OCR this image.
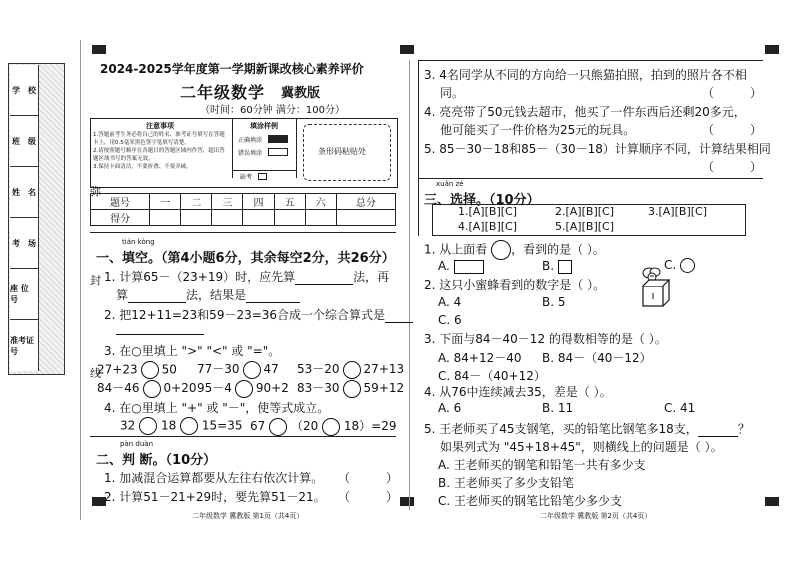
学　校
班　级
姓　名
考　场
座 位 号
准考证号
弥
封
线
2024-2025学年度第一学期新课改核心素养评价
二年级数学 冀教版
（时间：60分钟 满分：100分）
注意事项
1.答题前考生务必将自己的姓名、准考证号填写在答题卡上，用0.5毫米黑色签字笔填写清楚。
2.请按照题号顺序在各题目的答题区域内作答，超出答题区域书写的答案无效。
3.保持卡面清洁，不要折叠、不要弄破。
填涂样例
正确填涂
错误填涂
缺考
条形码粘贴处
题号	一	二	三	四	五	六	总分
得分							
tián kòng
一、填空。（第4小题6分，其余每空2分，共26分）
1. 计算65－（23+19）时，应先算	法，再
算	法，结果是
2. 把12+11=23和59－23=36合成一个综合算式是
3. 在○里填上 ">" "<" 或 "="。
27+23 50 77－30 47 53－20 27+13
84－46 0+2095－4 90+2 83－30 59+12
4. 在○里填上 "+" 或 "－"，使等式成立。
32 18 15=35 67 （20 18）=29
pàn duàn
二、判 断。（10分）
1. 加减混合运算都要从左往右依次计算。 （　　　）
2. 计算51－21+29时，要先算51－21。 （　　　）
二年级数学 冀教版 第1页（共4页）
3. 4名同学从不同的方向给一只熊猫拍照，拍到的照片各不相
同。	（　　　）
4. 亮亮带了50元钱去超市，他买了一件东西后还剩20多元，
他可能买了一件价格为25元的玩具。	（　　　）
5. 85－30－18和85－（30－18）计算顺序不同，计算结果相同
（　　　）
xuǎn zé
三、选择。（10分）
1.[A][B][C]	2.[A][B][C]	3.[A][B][C]
4.[A][B][C]	5.[A][B][C]
1. 从上面看 ，看到的是（ ）。
A.	B.	C.
2. 这只小蜜蜂看到的数字是（ ）。
A. 4	B. 5
C. 6
3. 下面与84－40－12 的得数相等的是（ ）。
A. 84+12－40 B. 84－（40－12）
C. 84－（40+12）
4. 从76中连续减去35，差是（ ）。
A. 6	B. 11	C. 41
5. 王老师买了45支钢笔，买的铅笔比钢笔多18支，	？
如果列式为 "45+18+45"，则横线上的问题是（ ）。
A. 王老师买的钢笔和铅笔一共有多少支
B. 王老师买了多少支铅笔
C. 王老师买的钢笔比铅笔少多少支
二年级数学 冀教版 第2页（共4页）
